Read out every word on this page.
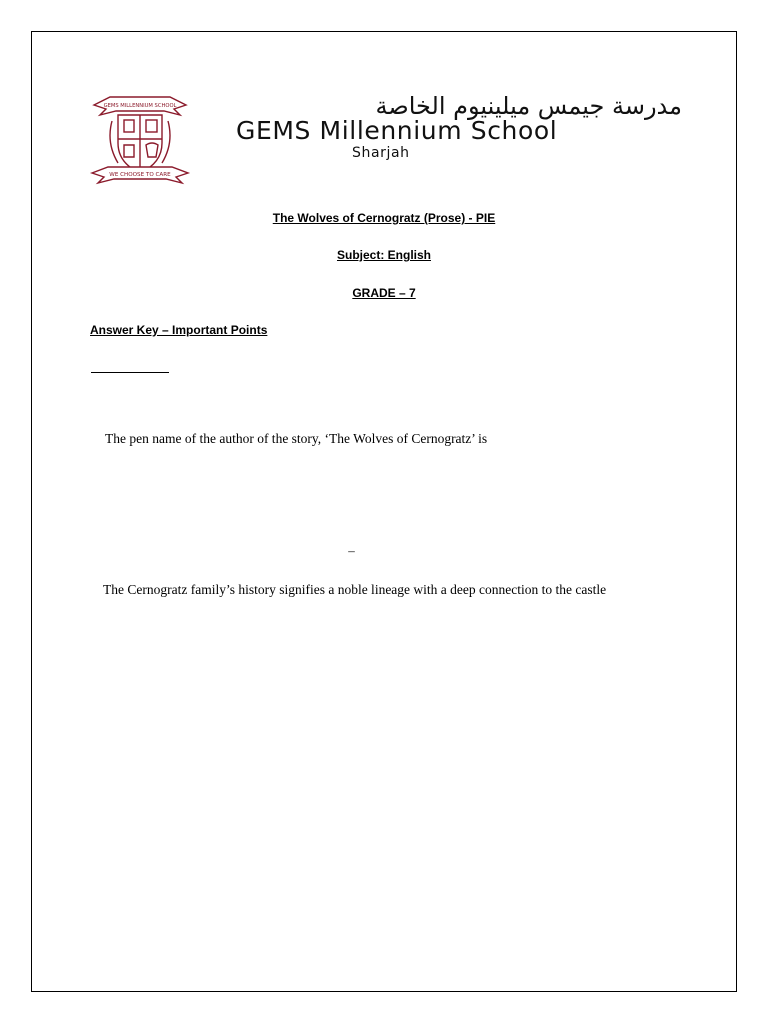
GEMS MILLENNIUM SCHOOL
WE CHOOSE TO CARE
مدرسة جيمس ميلينيوم الخاصة
GEMS Millennium School
Sharjah
The Wolves of Cernogratz (Prose) - PIE
Subject: English
GRADE – 7
Answer Key – Important Points
The pen name of the author of the story, ‘The Wolves of Cernogratz’ is
–
The Cernogratz family’s history signifies a noble lineage with a deep connection to the castle
